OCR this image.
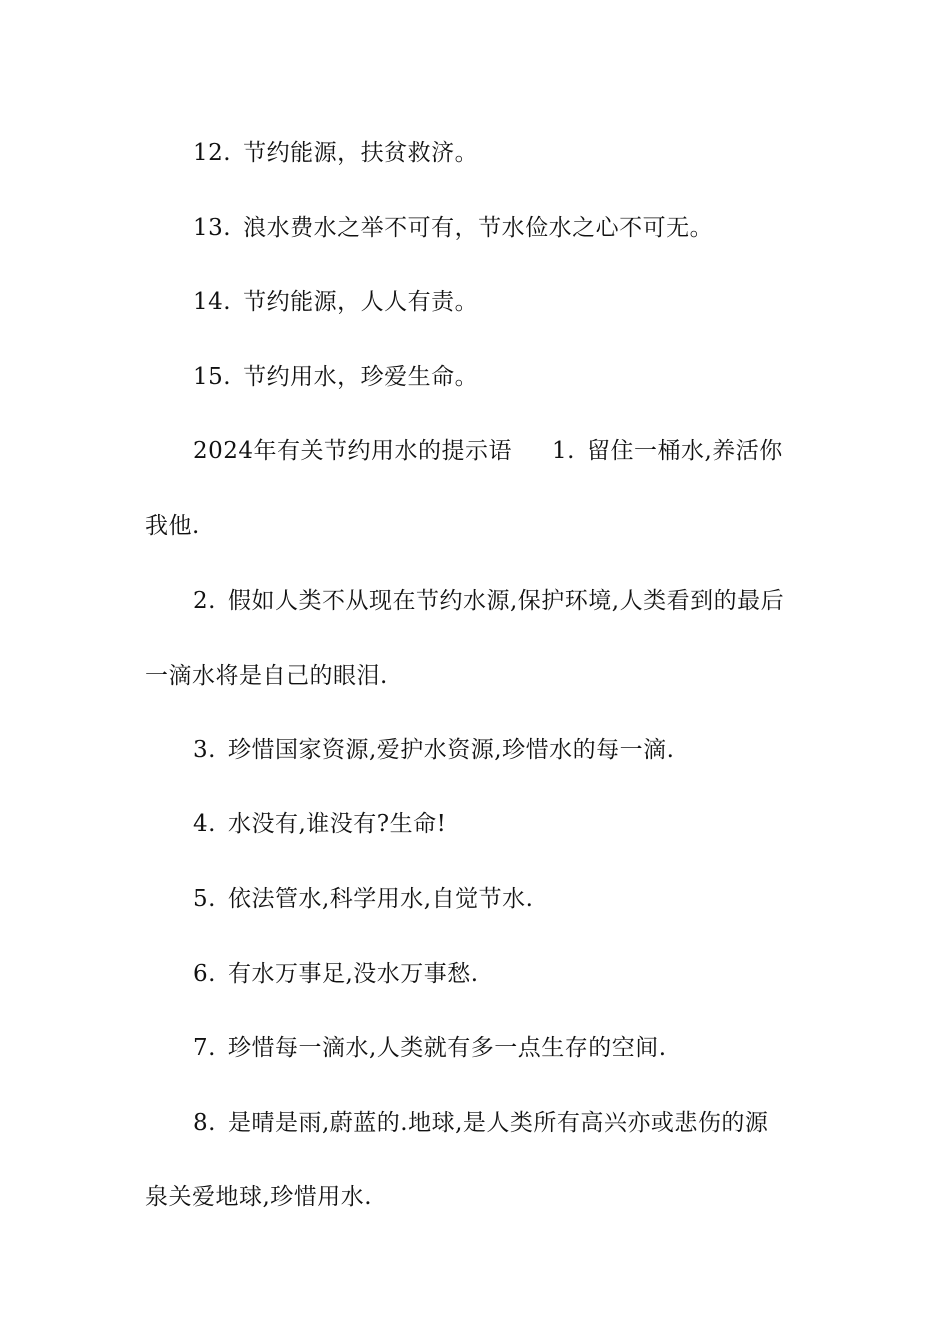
12. 节约能源，扶贫救济。
13. 浪水费水之举不可有，节水俭水之心不可无。
14. 节约能源，人人有责。
15. 节约用水，珍爱生命。
2024年有关节约用水的提示语 1. 留住一桶水,养活你
我他.
2. 假如人类不从现在节约水源,保护环境,人类看到的最后
一滴水将是自己的眼泪.
3. 珍惜国家资源,爱护水资源,珍惜水的每一滴.
4. 水没有,谁没有?生命!
5. 依法管水,科学用水,自觉节水.
6. 有水万事足,没水万事愁.
7. 珍惜每一滴水,人类就有多一点生存的空间.
8. 是晴是雨,蔚蓝的.地球,是人类所有高兴亦或悲伤的源
泉关爱地球,珍惜用水.
